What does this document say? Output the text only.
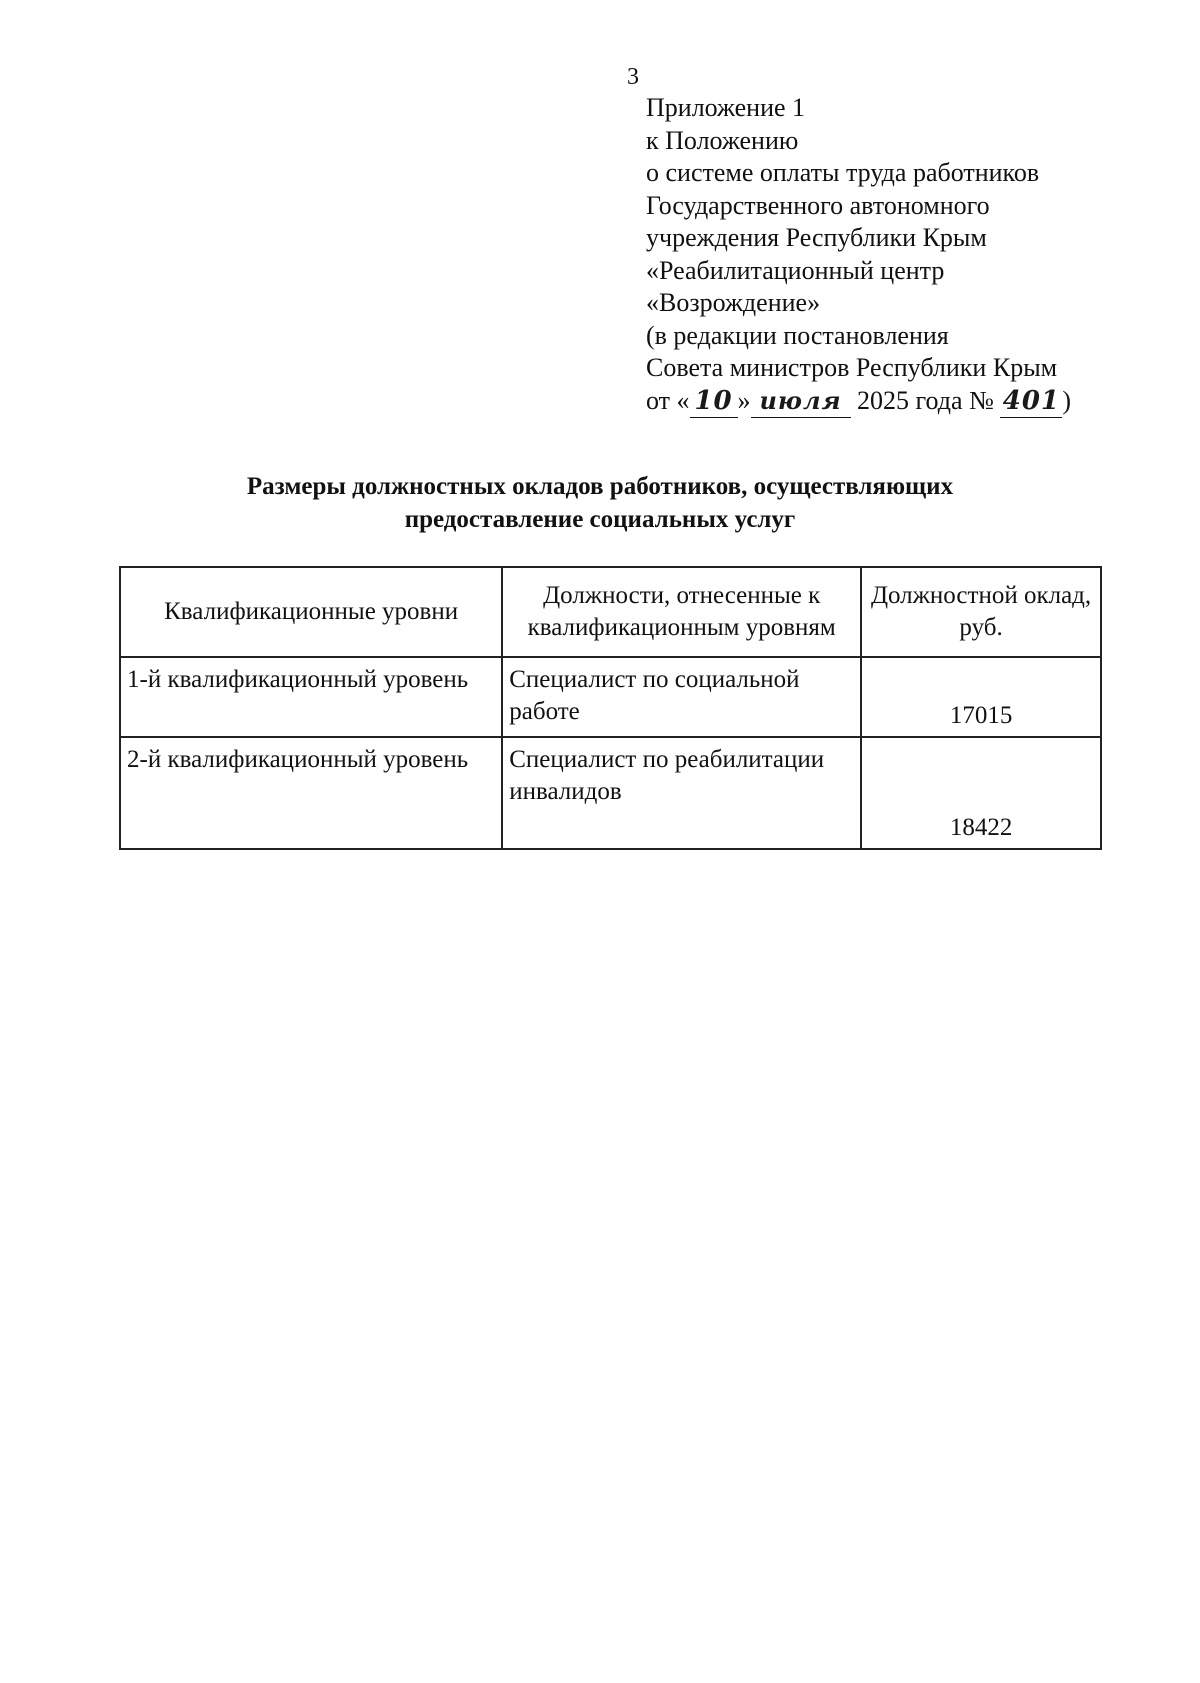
3
Приложение 1
к Положению
о системе оплаты труда работников
Государственного автономного
учреждения Республики Крым
«Реабилитационный центр
«Возрождение»
(в редакции постановления
Совета министров Республики Крым
от « 10 » июля 2025 года № 401)
Размеры должностных окладов работников, осуществляющих
предоставление социальных услуг
Квалификационные уровни	Должности, отнесенные к квалификационным уровням	Должностной оклад, руб.
1-й квалификационный уровень	Специалист по социальной работе	17015
2-й квалификационный уровень	Специалист по реабилитации инвалидов	18422
